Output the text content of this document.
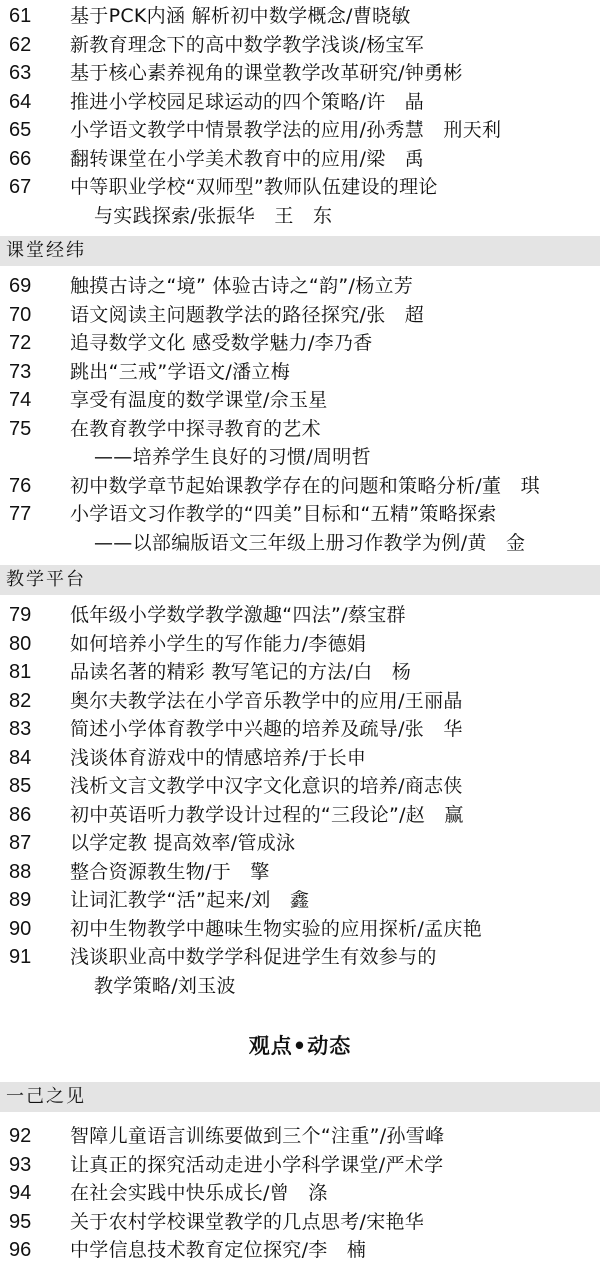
61	基于PCK内涵 解析初中数学概念/曹晓敏
62	新教育理念下的高中数学教学浅谈/杨宝军
63	基于核心素养视角的课堂教学改革研究/钟勇彬
64	推进小学校园足球运动的四个策略/许　晶
65	小学语文教学中情景教学法的应用/孙秀慧　刑天利
66	翻转课堂在小学美术教育中的应用/梁　禹
67	中等职业学校“双师型”教师队伍建设的理论
与实践探索/张振华　王　东
课堂经纬
69	触摸古诗之“境” 体验古诗之“韵”/杨立芳
70	语文阅读主问题教学法的路径探究/张　超
72	追寻数学文化 感受数学魅力/李乃香
73	跳出“三戒”学语文/潘立梅
74	享受有温度的数学课堂/佘玉星
75	在教育教学中探寻教育的艺术
——培养学生良好的习惯/周明哲
76	初中数学章节起始课教学存在的问题和策略分析/董　琪
77	小学语文习作教学的“四美”目标和“五精”策略探索
——以部编版语文三年级上册习作教学为例/黄　金
教学平台
79	低年级小学数学教学激趣“四法”/蔡宝群
80	如何培养小学生的写作能力/李德娟
81	品读名著的精彩 教写笔记的方法/白　杨
82	奥尔夫教学法在小学音乐教学中的应用/王丽晶
83	简述小学体育教学中兴趣的培养及疏导/张　华
84	浅谈体育游戏中的情感培养/于长申
85	浅析文言文教学中汉字文化意识的培养/商志侠
86	初中英语听力教学设计过程的“三段论”/赵　赢
87	以学定教 提高效率/管成泳
88	整合资源教生物/于　擎
89	让词汇教学“活”起来/刘　鑫
90	初中生物教学中趣味生物实验的应用探析/孟庆艳
91	浅谈职业高中数学学科促进学生有效参与的
教学策略/刘玉波
观点•动态
一己之见
92	智障儿童语言训练要做到三个“注重”/孙雪峰
93	让真正的探究活动走进小学科学课堂/严术学
94	在社会实践中快乐成长/曾　涤
95	关于农村学校课堂教学的几点思考/宋艳华
96	中学信息技术教育定位探究/李　楠
